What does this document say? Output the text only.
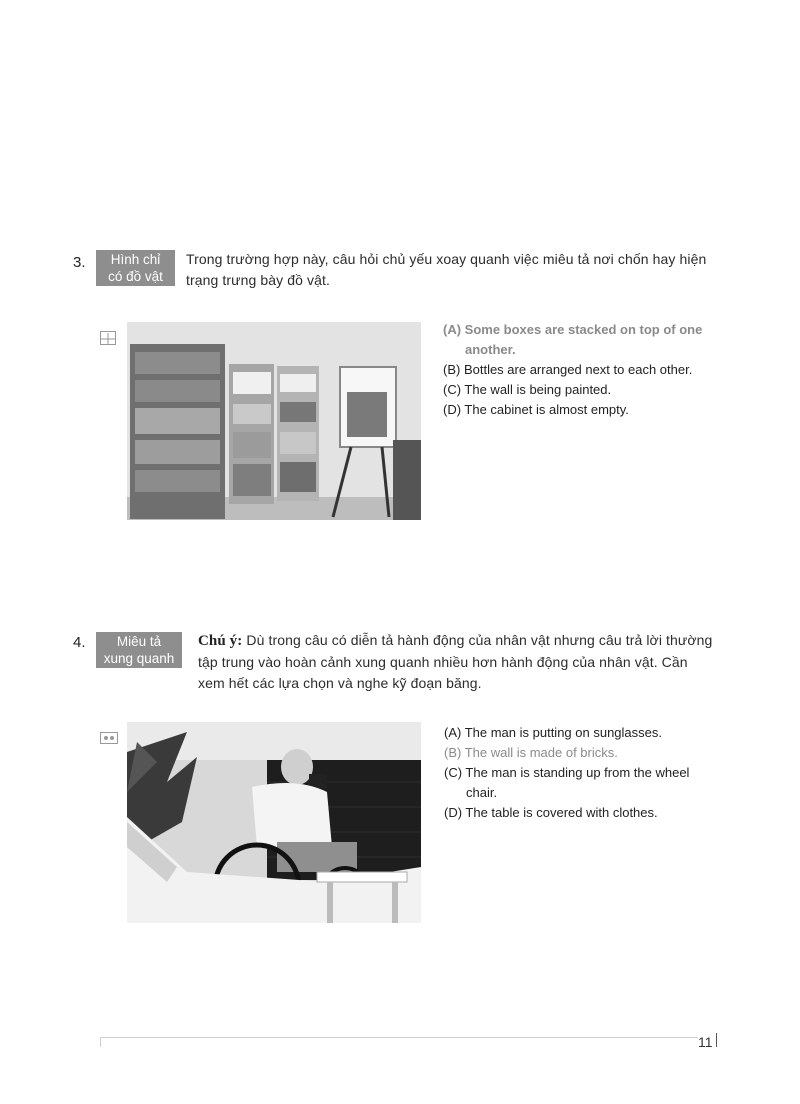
3.	Hình chỉ
có đồ vật
Trong trường hợp này, câu hỏi chủ yếu xoay quanh việc miêu tả nơi chốn hay hiện trạng trưng bày đồ vật.
(A) Some boxes are stacked on top of one another.
(B) Bottles are arranged next to each other.
(C) The wall is being painted.
(D) The cabinet is almost empty.
4.	Miêu tả
xung quanh
Chú ý: Dù trong câu có diễn tả hành động của nhân vật nhưng câu trả lời thường tập trung vào hoàn cảnh xung quanh nhiều hơn hành động của nhân vật. Cần xem hết các lựa chọn và nghe kỹ đoạn băng.
(A) The man is putting on sunglasses.
(B) The wall is made of bricks.
(C) The man is standing up from the wheel chair.
(D) The table is covered with clothes.
11
